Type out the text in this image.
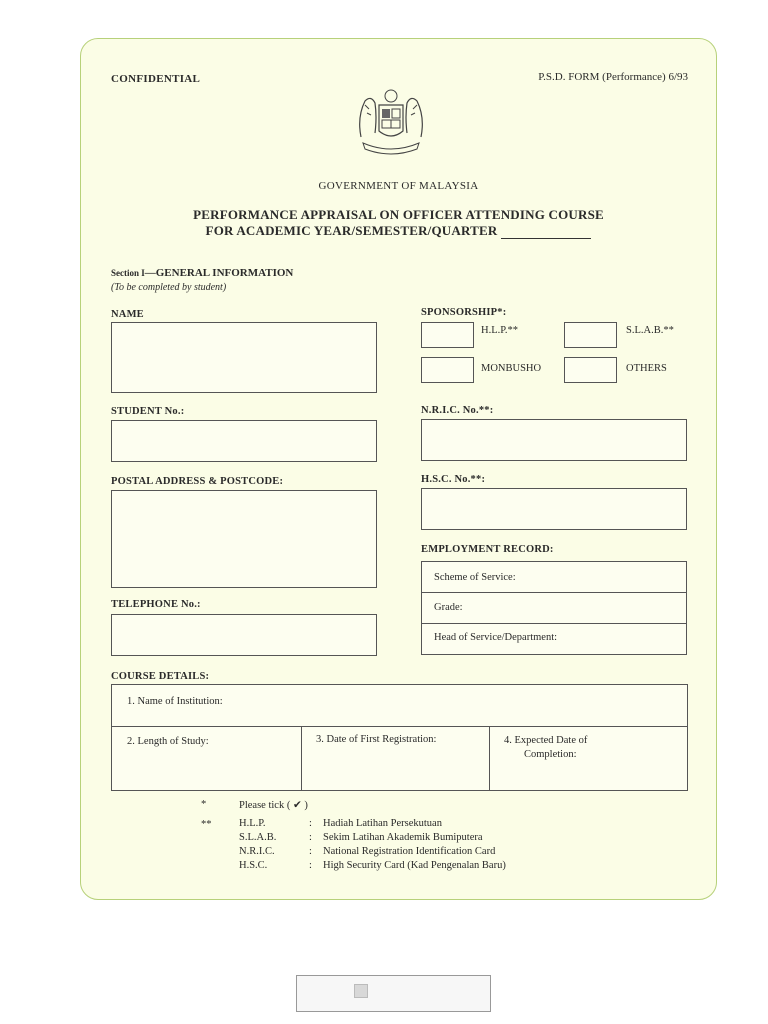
CONFIDENTIAL	P.S.D. FORM (Performance) 6/93
GOVERNMENT OF MALAYSIA
PERFORMANCE APPRAISAL ON OFFICER ATTENDING COURSE
FOR ACADEMIC YEAR/SEMESTER/QUARTER
Section I—GENERAL INFORMATION
(To be completed by student)
NAME
STUDENT No.:
POSTAL ADDRESS & POSTCODE:
TELEPHONE No.:
SPONSORSHIP*:
H.L.P.**	S.L.A.B.**
MONBUSHO	OTHERS
N.R.I.C. No.**:
H.S.C. No.**:
EMPLOYMENT RECORD:
Scheme of Service:
Grade:
Head of Service/Department:
COURSE DETAILS:
1. Name of Institution:
2. Length of Study:	3. Date of First Registration:	4. Expected Date of
Completion:
*	Please tick ( ✔ )
**	H.L.P.	: Hadiah Latihan Persekutuan
S.L.A.B.	: Sekim Latihan Akademik Bumiputera
N.R.I.C.	: National Registration Identification Card
H.S.C.	: High Security Card (Kad Pengenalan Baru)
